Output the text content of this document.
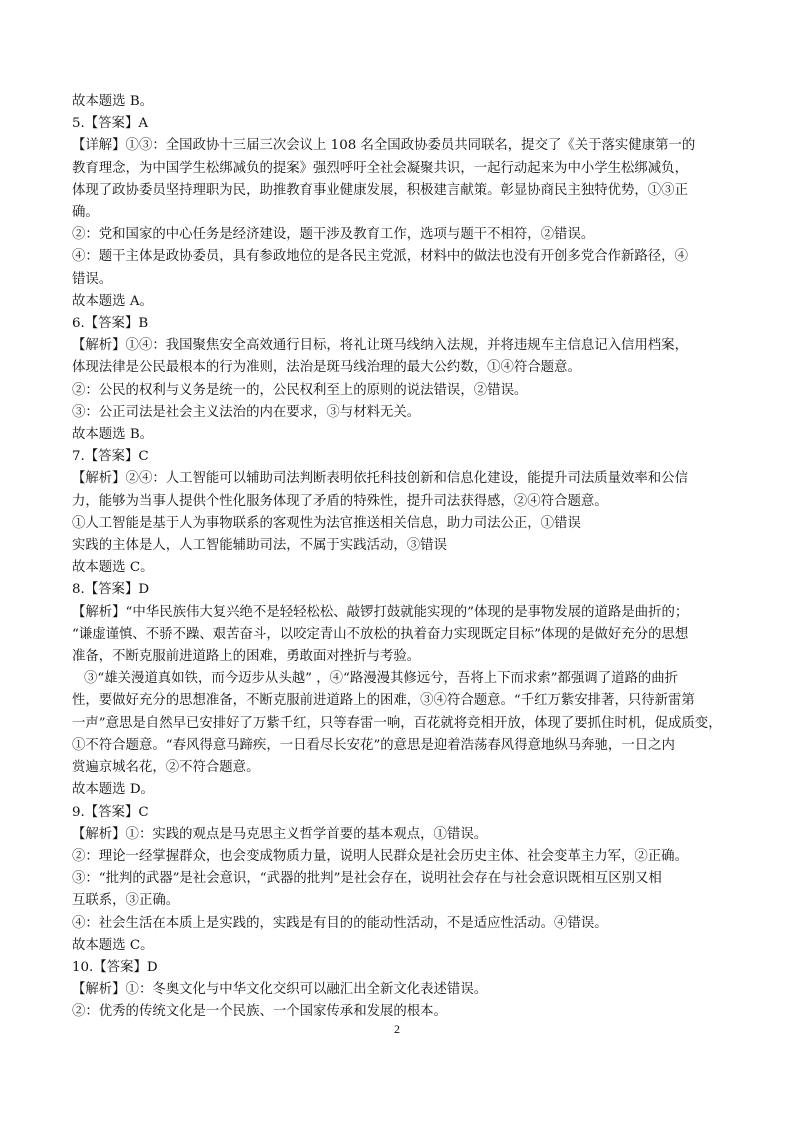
故本题选 B。

5.【答案】A

【详解】①③：全国政协十三届三次会议上 108 名全国政协委员共同联名，提交了《关于落实健康第一的

教育理念，为中国学生松绑减负的提案》强烈呼吁全社会凝聚共识，一起行动起来为中小学生松绑减负，

体现了政协委员坚持理职为民，助推教育事业健康发展，积极建言献策。彰显协商民主独特优势，①③正

确。

②：党和国家的中心任务是经济建设，题干涉及教育工作，选项与题干不相符，②错误。

④：题干主体是政协委员，具有参政地位的是各民主党派，材料中的做法也没有开创多党合作新路径，④

错误。

故本题选 A。

6.【答案】B

【解析】①④：我国聚焦安全高效通行目标，将礼让斑马线纳入法规，并将违规车主信息记入信用档案，

体现法律是公民最根本的行为准则，法治是斑马线治理的最大公约数，①④符合题意。

②：公民的权利与义务是统一的，公民权利至上的原则的说法错误，②错误。

③：公正司法是社会主义法治的内在要求，③与材料无关。

故本题选 B。

7.【答案】C

【解析】②④：人工智能可以辅助司法判断表明依托科技创新和信息化建设，能提升司法质量效率和公信

力，能够为当事人提供个性化服务体现了矛盾的特殊性，提升司法获得感，②④符合题意。

①人工智能是基于人为事物联系的客观性为法官推送相关信息，助力司法公正，①错误

实践的主体是人，人工智能辅助司法，不属于实践活动，③错误

故本题选 C。

8.【答案】D

【解析】“中华民族伟大复兴绝不是轻轻松松、敲锣打鼓就能实现的”体现的是事物发展的道路是曲折的；

“谦虚谨慎、不骄不躁、艰苦奋斗，以咬定青山不放松的执着奋力实现既定目标”体现的是做好充分的思想

准备，不断克服前进道路上的困难，勇敢面对挫折与考验。

③“雄关漫道真如铁，而今迈步从头越” ，④“路漫漫其修远兮，吾将上下而求索”都强调了道路的曲折

性，要做好充分的思想准备，不断克服前进道路上的困难，③④符合题意。“千红万紫安排著，只待新雷第

一声”意思是自然早已安排好了万紫千红，只等春雷一响，百花就将竞相开放，体现了要抓住时机，促成质变，

①不符合题意。“春风得意马蹄疾，一日看尽长安花”的意思是迎着浩荡春风得意地纵马奔驰，一日之内

赏遍京城名花，②不符合题意。

故本题选 D。

9.【答案】C

【解析】①：实践的观点是马克思主义哲学首要的基本观点，①错误。

②：理论一经掌握群众，也会变成物质力量，说明人民群众是社会历史主体、社会变革主力军，②正确。

③：“批判的武器”是社会意识，“武器的批判”是社会存在，说明社会存在与社会意识既相互区别又相

互联系，③正确。

④：社会生活在本质上是实践的，实践是有目的的能动性活动，不是适应性活动。④错误。

故本题选 C。

10.【答案】D

【解析】①：冬奥文化与中华文化交织可以融汇出全新文化表述错误。

②：优秀的传统文化是一个民族、一个国家传承和发展的根本。

2
